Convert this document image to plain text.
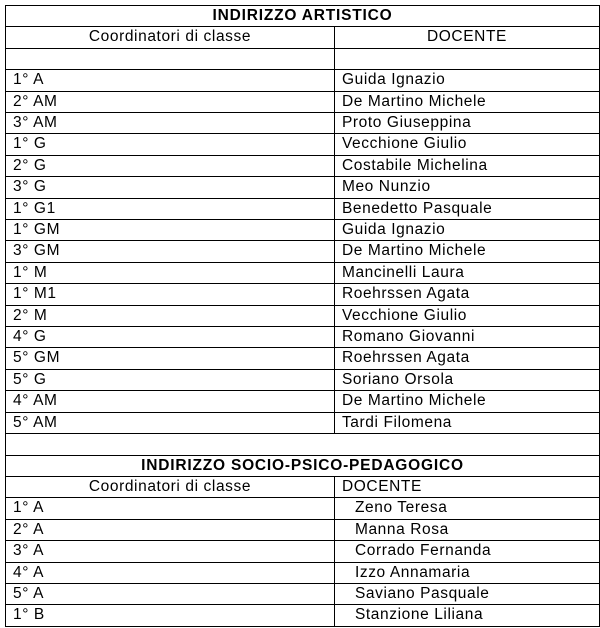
INDIRIZZO ARTISTICO	
Coordinatori di classe	DOCENTE

1° A	Guida Ignazio
2° AM	De Martino Michele
3° AM	Proto Giuseppina
1° G	Vecchione Giulio
2° G	Costabile Michelina
3° G	Meo Nunzio
1° G1	Benedetto Pasquale
1° GM	Guida Ignazio
3° GM	De Martino Michele
1° M	Mancinelli Laura
1° M1	Roehrssen Agata
2° M	Vecchione Giulio
4° G	Romano Giovanni
5° GM	Roehrssen Agata
5° G	Soriano Orsola
4° AM	De Martino Michele
5° AM	Tardi Filomena

INDIRIZZO SOCIO-PSICO-PEDAGOGICO	
Coordinatori di classe	DOCENTE
1° A	Zeno Teresa
2° A	Manna Rosa
3° A	Corrado Fernanda
4° A	Izzo Annamaria
5° A	Saviano Pasquale
1° B	Stanzione Liliana
